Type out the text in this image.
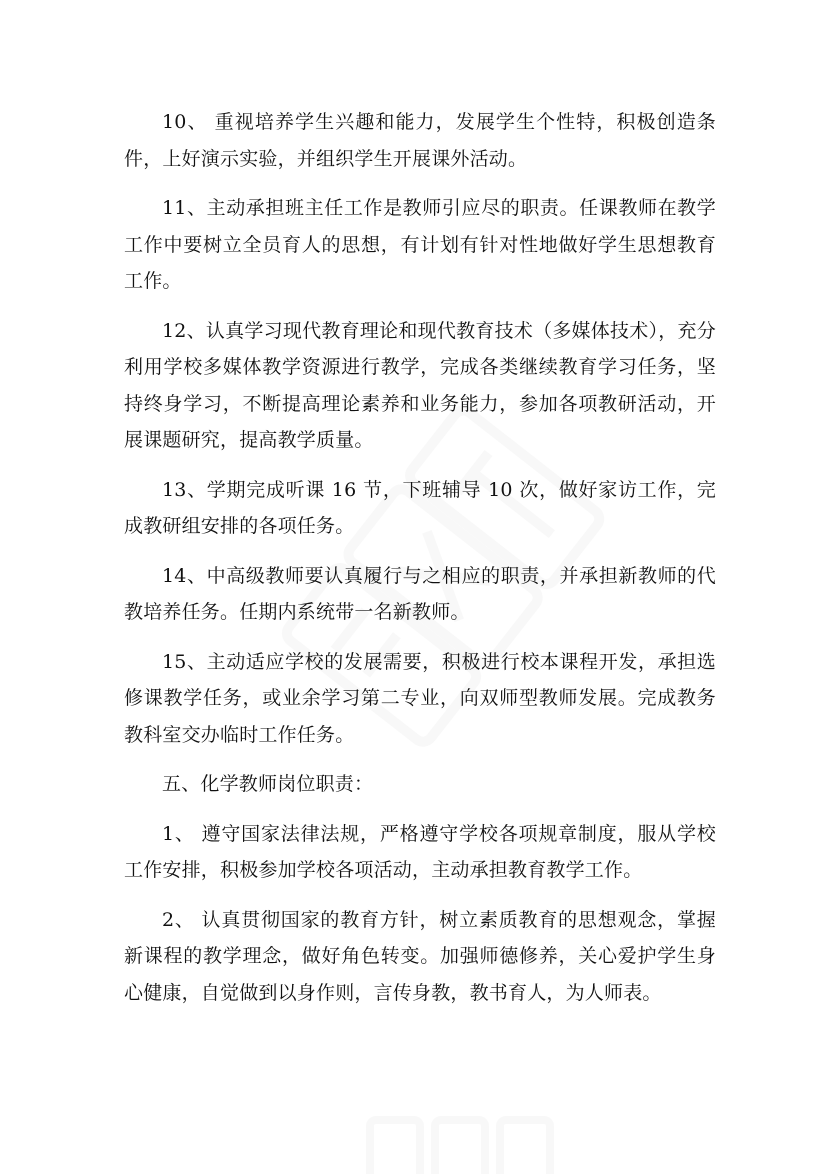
10、 重视培养学生兴趣和能力，发展学生个性特，积极创造条件，上好演示实验，并组织学生开展课外活动。

11、主动承担班主任工作是教师引应尽的职责。任课教师在教学工作中要树立全员育人的思想，有计划有针对性地做好学生思想教育工作。

12、认真学习现代教育理论和现代教育技术（多媒体技术），充分利用学校多媒体教学资源进行教学，完成各类继续教育学习任务，坚持终身学习，不断提高理论素养和业务能力，参加各项教研活动，开展课题研究，提高教学质量。

13、学期完成听课 16 节，下班辅导 10 次，做好家访工作，完成教研组安排的各项任务。

14、中高级教师要认真履行与之相应的职责，并承担新教师的代教培养任务。任期内系统带一名新教师。

15、主动适应学校的发展需要，积极进行校本课程开发，承担选修课教学任务，或业余学习第二专业，向双师型教师发展。完成教务教科室交办临时工作任务。

五、化学教师岗位职责：

1、 遵守国家法律法规，严格遵守学校各项规章制度，服从学校工作安排，积极参加学校各项活动，主动承担教育教学工作。

2、 认真贯彻国家的教育方针，树立素质教育的思想观念，掌握新课程的教学理念，做好角色转变。加强师德修养，关心爱护学生身心健康，自觉做到以身作则，言传身教，教书育人，为人师表。
